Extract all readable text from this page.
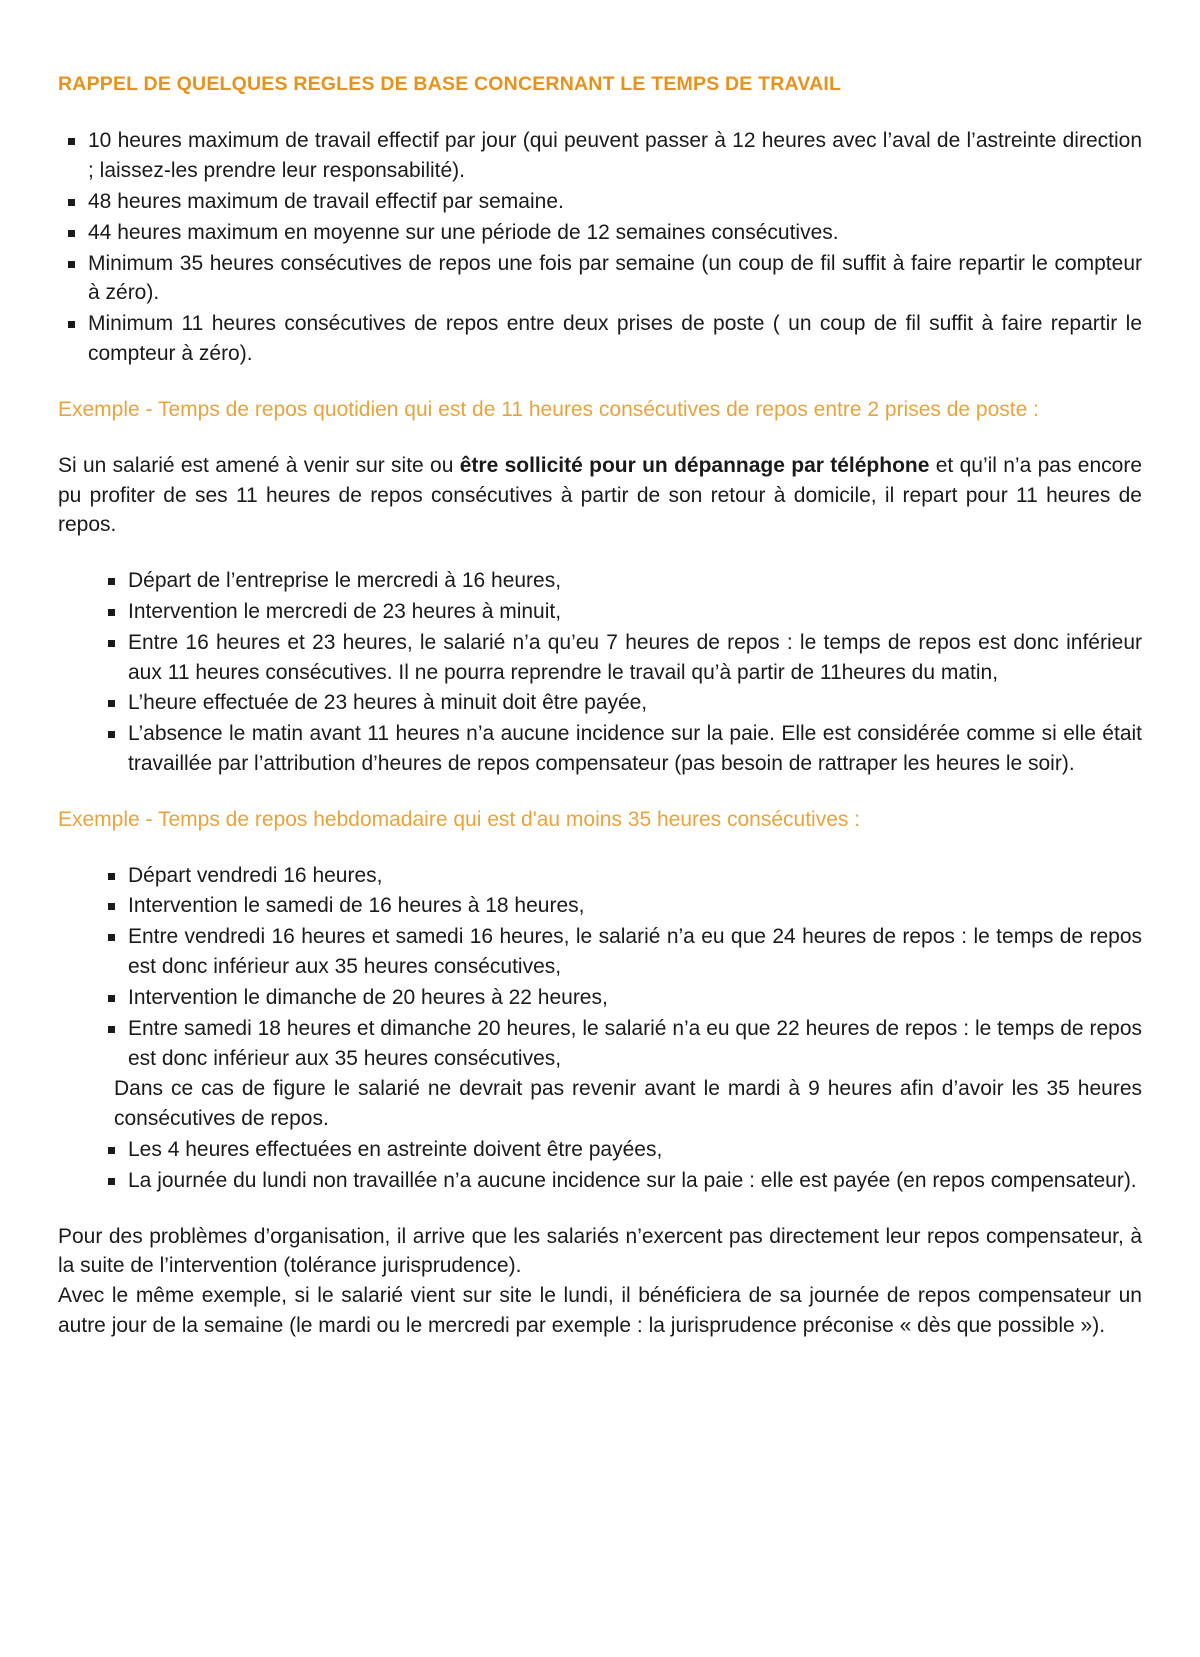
RAPPEL DE QUELQUES REGLES DE BASE CONCERNANT LE TEMPS DE TRAVAIL
10 heures maximum de travail effectif par jour (qui peuvent passer à 12 heures avec l’aval de l’astreinte direction ; laissez-les prendre leur responsabilité).
48 heures maximum de travail effectif par semaine.
44 heures maximum en moyenne sur une période de 12 semaines consécutives.
Minimum 35 heures consécutives de repos une fois par semaine (un coup de fil suffit à faire repartir le compteur à zéro).
Minimum 11 heures consécutives de repos entre deux prises de poste ( un coup de fil suffit à faire repartir le compteur à zéro).

Exemple - Temps de repos quotidien qui est de 11 heures consécutives de repos entre 2 prises de poste :

Si un salarié est amené à venir sur site ou être sollicité pour un dépannage par téléphone et qu’il n’a pas encore pu profiter de ses 11 heures de repos consécutives à partir de son retour à domicile, il repart pour 11 heures de repos.

Départ de l’entreprise le mercredi à 16 heures,
Intervention le mercredi de 23 heures à minuit,
Entre 16 heures et 23 heures, le salarié n’a qu’eu 7 heures de repos : le temps de repos est donc inférieur aux 11 heures consécutives. Il ne pourra reprendre le travail qu’à partir de 11heures du matin,
L’heure effectuée de 23 heures à minuit doit être payée,
L’absence le matin avant 11 heures n’a aucune incidence sur la paie. Elle est considérée comme si elle était travaillée par l’attribution d’heures de repos compensateur (pas besoin de rattraper les heures le soir).

Exemple - Temps de repos hebdomadaire qui est d'au moins 35 heures consécutives :

Départ vendredi 16 heures,
Intervention le samedi de 16 heures à 18 heures,
Entre vendredi 16 heures et samedi 16 heures, le salarié n’a eu que 24 heures de repos : le temps de repos est donc inférieur aux 35 heures consécutives,
Intervention le dimanche de 20 heures à 22 heures,
Entre samedi 18 heures et dimanche 20 heures, le salarié n’a eu que 22 heures de repos : le temps de repos est donc inférieur aux 35 heures consécutives,
Dans ce cas de figure le salarié ne devrait pas revenir avant le mardi à 9 heures afin d’avoir les 35 heures consécutives de repos.
Les 4 heures effectuées en astreinte doivent être payées,
La journée du lundi non travaillée n’a aucune incidence sur la paie : elle est payée (en repos compensateur).

Pour des problèmes d’organisation, il arrive que les salariés n’exercent pas directement leur repos compensateur, à la suite de l’intervention (tolérance jurisprudence).

Avec le même exemple, si le salarié vient sur site le lundi, il bénéficiera de sa journée de repos compensateur un autre jour de la semaine (le mardi ou le mercredi par exemple : la jurisprudence préconise « dès que possible »).
